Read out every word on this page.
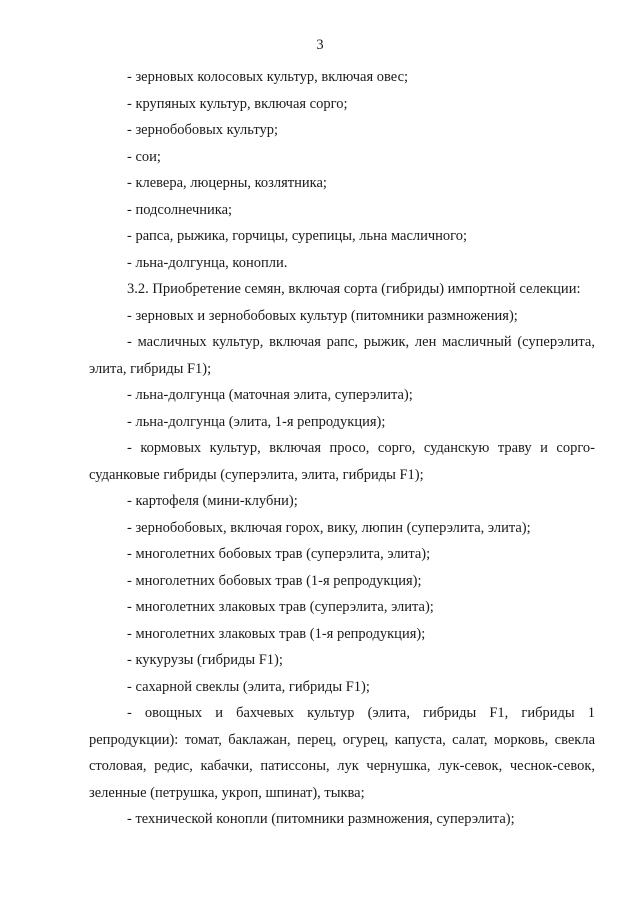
3

- зерновых колосовых культур, включая овес;

- крупяных культур, включая сорго;

- зернобобовых культур;

- сои;

- клевера, люцерны, козлятника;

- подсолнечника;

- рапса, рыжика, горчицы, сурепицы, льна масличного;

- льна-долгунца, конопли.

3.2. Приобретение семян, включая сорта (гибриды) импортной селекции:

- зерновых и зернобобовых культур (питомники размножения);

- масличных культур, включая рапс, рыжик, лен масличный (суперэлита, элита, гибриды F1);

- льна-долгунца (маточная элита, суперэлита);

- льна-долгунца (элита, 1-я репродукция);

- кормовых культур, включая просо, сорго, суданскую траву и сорго-суданковые гибриды (суперэлита, элита, гибриды F1);

- картофеля (мини-клубни);

- зернобобовых, включая горох, вику, люпин (суперэлита, элита);

- многолетних бобовых трав (суперэлита, элита);

- многолетних бобовых трав (1-я репродукция);

- многолетних злаковых трав (суперэлита, элита);

- многолетних злаковых трав (1-я репродукция);

- кукурузы (гибриды F1);

- сахарной свеклы (элита, гибриды F1);

- овощных и бахчевых культур (элита, гибриды F1, гибриды 1 репродукции): томат, баклажан, перец, огурец, капуста, салат, морковь, свекла столовая, редис, кабачки, патиссоны, лук чернушка, лук-севок, чеснок-севок, зеленные (петрушка, укроп, шпинат), тыква;

- технической конопли (питомники размножения, суперэлита);
